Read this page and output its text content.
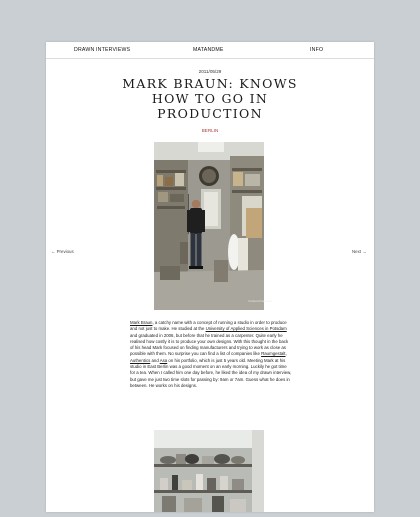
DRAWN INTERVIEWS	MATANDME	INFO
2011/05/29
MARK BRAUN: KNOWS HOW TO GO IN PRODUCTION
BERLIN
matandme.com
← Previous	Next →

Mark Braun, a catchy name with a concept of running a studio in order to produce and not just to make. He studied at the University of Applied Sciences in Potsdam and graduated in 2006, but before that he trained as a carpenter. Quite early he realised how costly it is to produce your own designs. With this thought in the back of his head Mark focused on finding manufacturers and trying to work as close as possible with them. No surprise you can find a list of companies like Raumgestalt, Authentics and Asa on his portfolio, which is just 5 years old. Meeting Mark at his studio in East Berlin was a good moment on an early morning. Luckily he got time for a tea. When I called him one day before, he liked the idea of my drawn interview, but gave me just two time slots for passing by: 9am or 7am. Guess what he does in between. He works on his designs.
